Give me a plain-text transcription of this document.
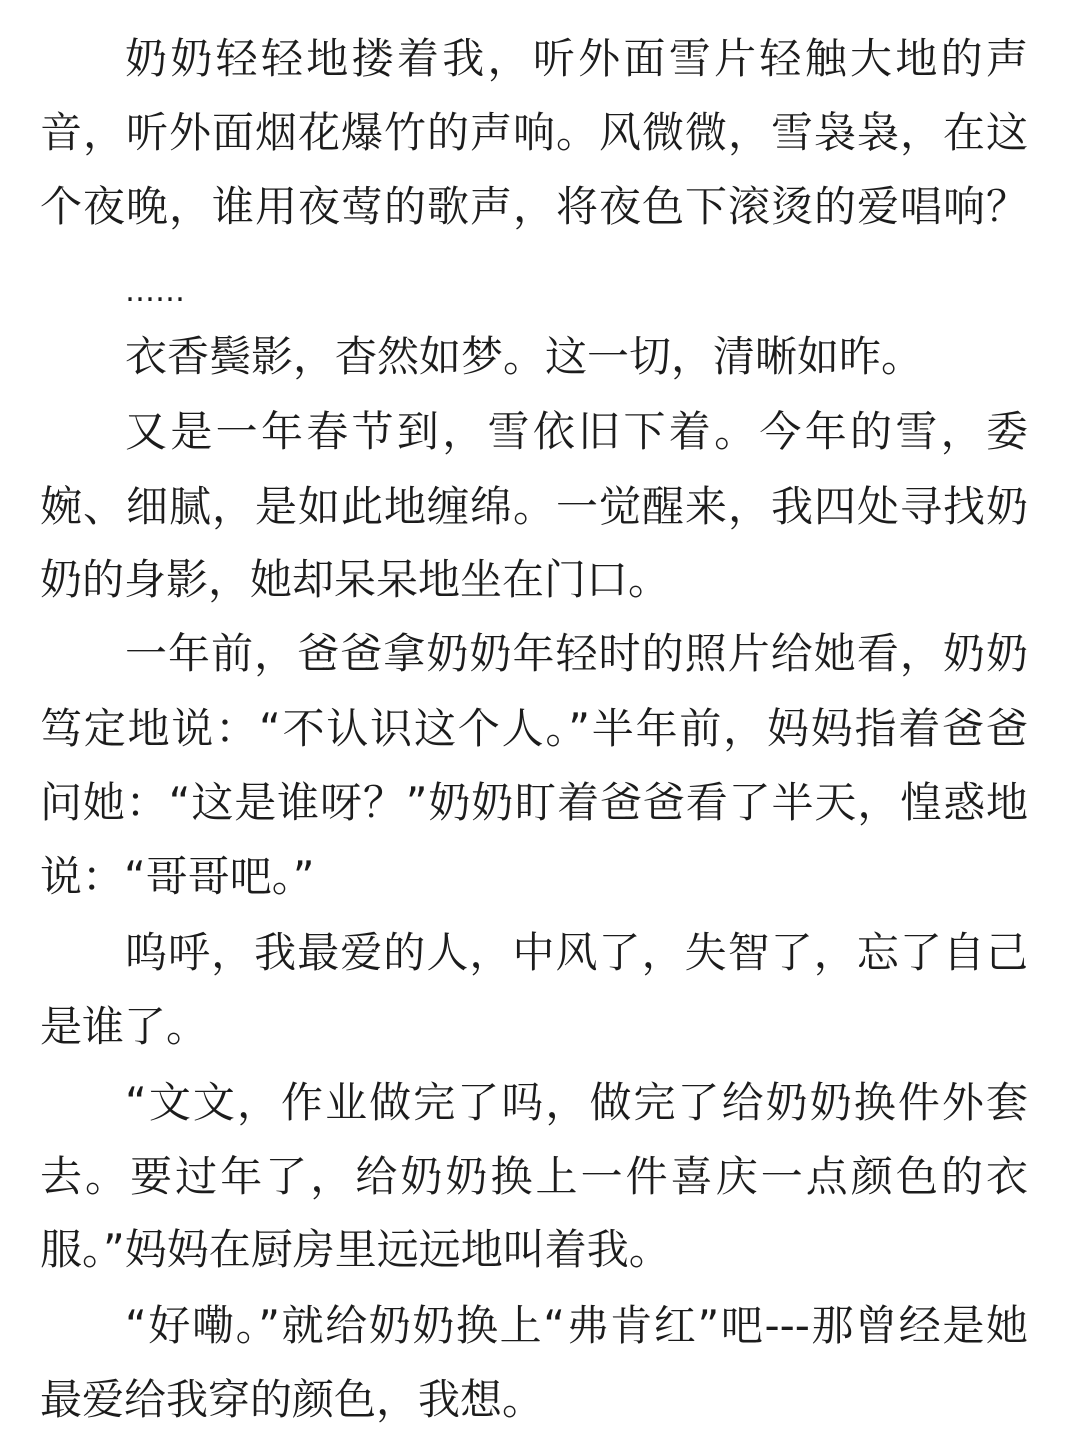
奶奶轻轻地搂着我，听外面雪片轻触大地的声
音，听外面烟花爆竹的声响。风微微，雪袅袅，在这
个夜晚，谁用夜莺的歌声，将夜色下滚烫的爱唱响？
……
衣香鬓影，杳然如梦。这一切，清晰如昨。
又是一年春节到，雪依旧下着。今年的雪，委
婉、细腻，是如此地缠绵。一觉醒来，我四处寻找奶
奶的身影，她却呆呆地坐在门口。
一年前，爸爸拿奶奶年轻时的照片给她看，奶奶
笃定地说：“不认识这个人。”半年前，妈妈指着爸爸
问她：“这是谁呀？”奶奶盯着爸爸看了半天，惶惑地
说：“哥哥吧。”
呜呼，我最爱的人，中风了，失智了，忘了自己
是谁了。
“文文，作业做完了吗，做完了给奶奶换件外套
去。要过年了，给奶奶换上一件喜庆一点颜色的衣
服。”妈妈在厨房里远远地叫着我。
“好嘞。”就给奶奶换上“弗肯红”吧---那曾经是她
最爱给我穿的颜色，我想。
